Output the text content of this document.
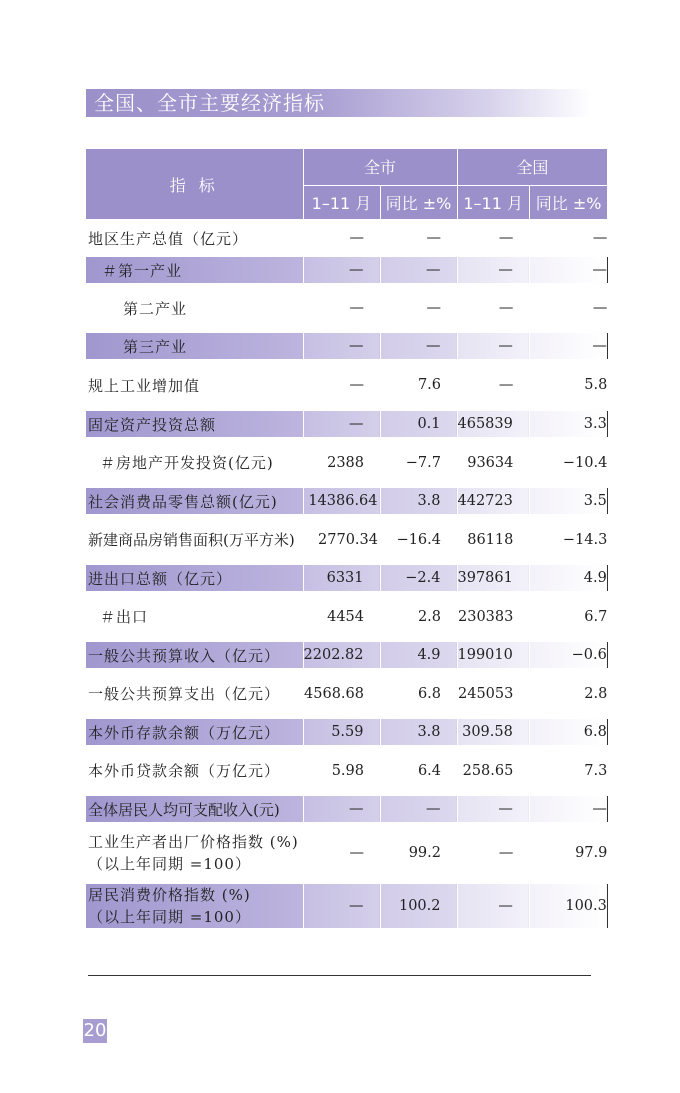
全国、全市主要经济指标
指 标	全市		全国	
	1–11 月	同比 ±%	1–11 月	同比 ±%
地区生产总值（亿元）	—	—	—	—
＃第一产业	—	—	—	—
第二产业	—	—	—	—
第三产业	—	—	—	—
规上工业增加值	—	7.6	—	5.8
固定资产投资总额	—	0.1	465839	3.3
＃房地产开发投资(亿元)	2388	−7.7	93634	−10.4
社会消费品零售总额(亿元)	14386.64	3.8	442723	3.5
新建商品房销售面积(万平方米)	2770.34	−16.4	86118	−14.3
进出口总额（亿元）	6331	−2.4	397861	4.9
＃出口	4454	2.8	230383	6.7
一般公共预算收入（亿元）	2202.82	4.9	199010	−0.6
一般公共预算支出（亿元）	4568.68	6.8	245053	2.8
本外币存款余额（万亿元）	5.59	3.8	309.58	6.8
本外币贷款余额（万亿元）	5.98	6.4	258.65	7.3
全体居民人均可支配收入(元)	—	—	—	—
工业生产者出厂价格指数 (%)
（以上年同期 =100）	—	99.2	—	97.9
居民消费价格指数 (%)
（以上年同期 =100）	—	100.2	—	100.3
20
